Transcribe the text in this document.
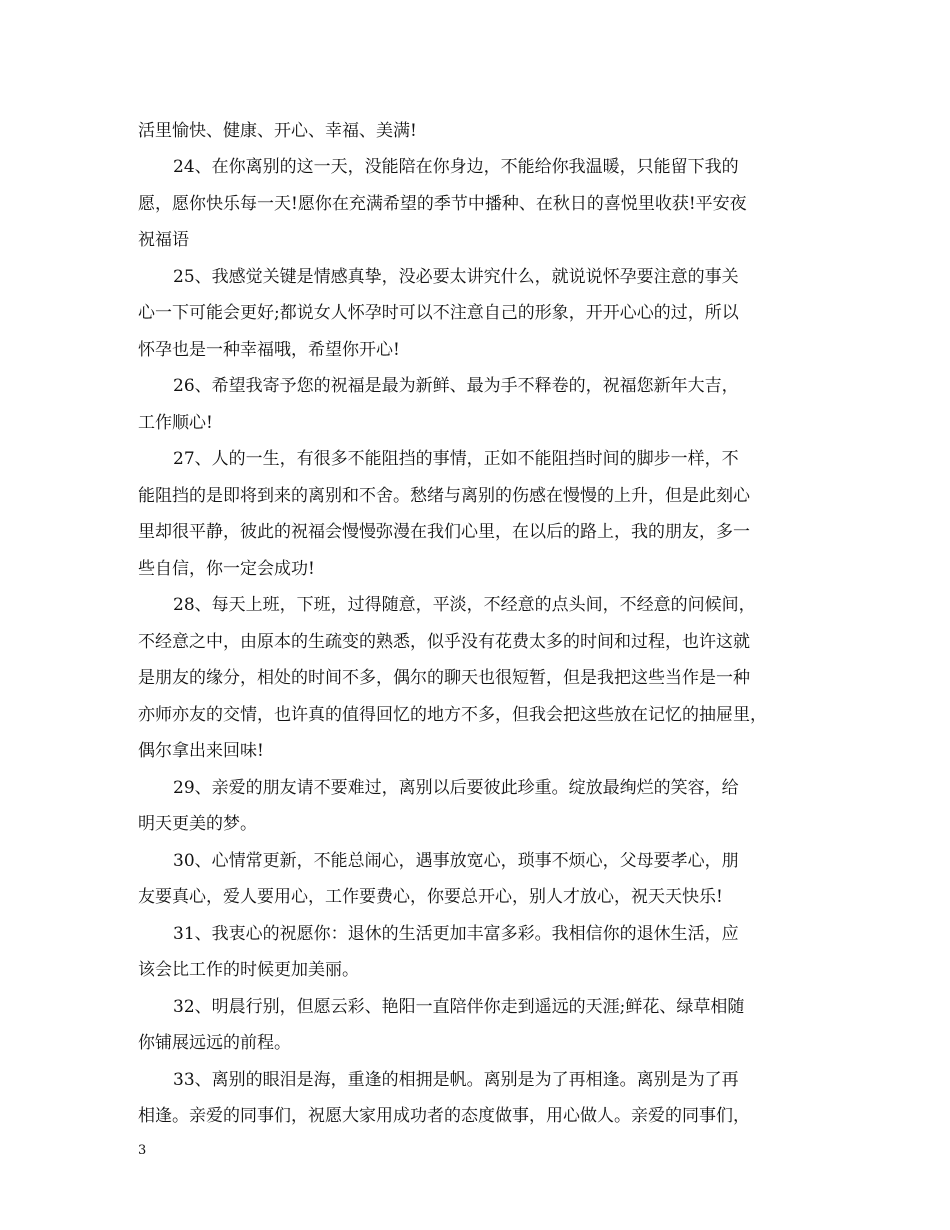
活里愉快、健康、开心、幸福、美满!
24、在你离别的这一天，没能陪在你身边，不能给你我温暖，只能留下我的
愿，愿你快乐每一天!愿你在充满希望的季节中播种、在秋日的喜悦里收获!平安夜
祝福语
25、我感觉关键是情感真挚，没必要太讲究什么，就说说怀孕要注意的事关
心一下可能会更好;都说女人怀孕时可以不注意自己的形象，开开心心的过，所以
怀孕也是一种幸福哦，希望你开心!
26、希望我寄予您的祝福是最为新鲜、最为手不释卷的，祝福您新年大吉，
工作顺心!
27、人的一生，有很多不能阻挡的事情，正如不能阻挡时间的脚步一样，不
能阻挡的是即将到来的离别和不舍。愁绪与离别的伤感在慢慢的上升，但是此刻心
里却很平静，彼此的祝福会慢慢弥漫在我们心里，在以后的路上，我的朋友，多一
些自信，你一定会成功!
28、每天上班，下班，过得随意，平淡，不经意的点头间，不经意的问候间，
不经意之中，由原本的生疏变的熟悉，似乎没有花费太多的时间和过程，也许这就
是朋友的缘分，相处的时间不多，偶尔的聊天也很短暂，但是我把这些当作是一种
亦师亦友的交情，也许真的值得回忆的地方不多，但我会把这些放在记忆的抽屉里，
偶尔拿出来回味!
29、亲爱的朋友请不要难过，离别以后要彼此珍重。绽放最绚烂的笑容，给
明天更美的梦。
30、心情常更新，不能总闹心，遇事放宽心，琐事不烦心，父母要孝心，朋
友要真心，爱人要用心，工作要费心，你要总开心，别人才放心，祝天天快乐!
31、我衷心的祝愿你：退休的生活更加丰富多彩。我相信你的退休生活，应
该会比工作的时候更加美丽。
32、明晨行别，但愿云彩、艳阳一直陪伴你走到遥远的天涯;鲜花、绿草相随
你铺展远远的前程。
33、离别的眼泪是海，重逢的相拥是帆。离别是为了再相逢。离别是为了再
相逢。亲爱的同事们，祝愿大家用成功者的态度做事，用心做人。亲爱的同事们，
3
